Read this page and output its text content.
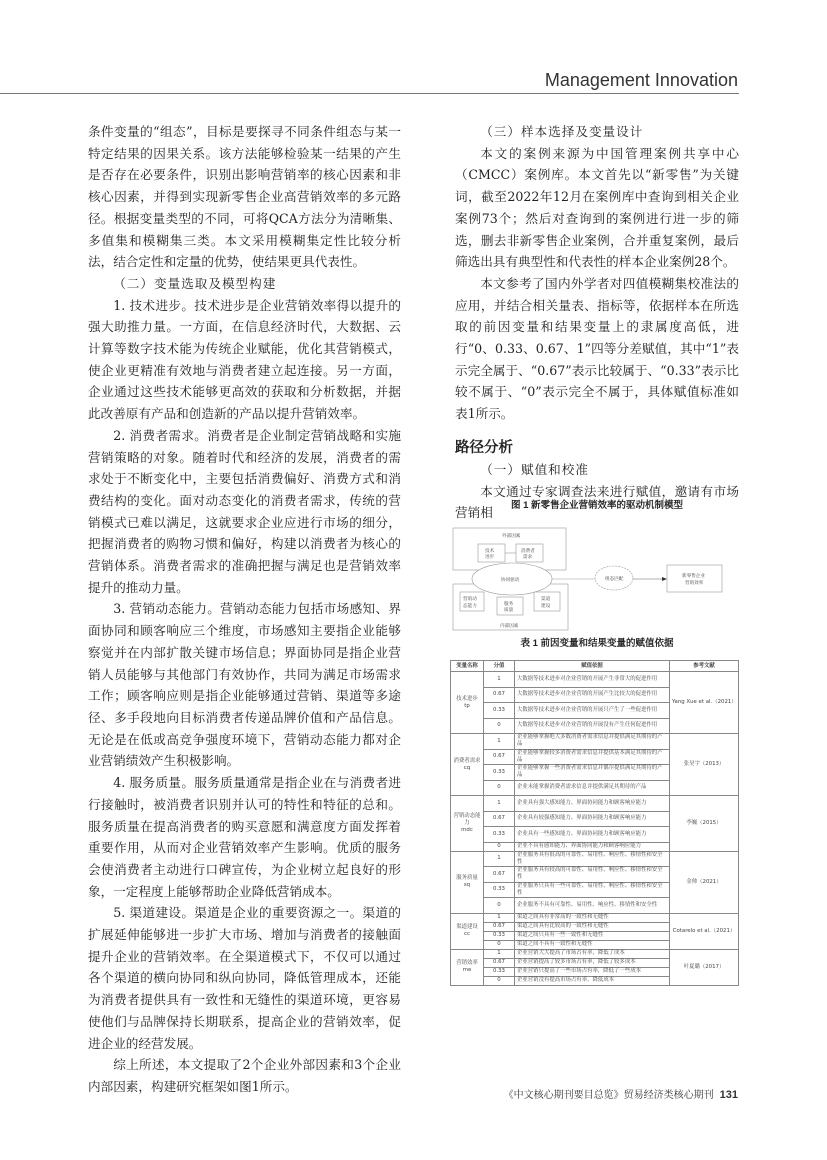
Management Innovation

条件变量的“组态”，目标是要探寻不同条件组态与某一特定结果的因果关系。该方法能够检验某一结果的产生是否存在必要条件，识别出影响营销率的核心因素和非核心因素，并得到实现新零售企业高营销效率的多元路径。根据变量类型的不同，可将QCA方法分为清晰集、多值集和模糊集三类。本文采用模糊集定性比较分析法，结合定性和定量的优势，使结果更具代表性。

（二）变量选取及模型构建

1. 技术进步。技术进步是企业营销效率得以提升的强大助推力量。一方面，在信息经济时代，大数据、云计算等数字技术能为传统企业赋能，优化其营销模式，使企业更精准有效地与消费者建立起连接。另一方面，企业通过这些技术能够更高效的获取和分析数据，并据此改善原有产品和创造新的产品以提升营销效率。

2. 消费者需求。消费者是企业制定营销战略和实施营销策略的对象。随着时代和经济的发展，消费者的需求处于不断变化中，主要包括消费偏好、消费方式和消费结构的变化。面对动态变化的消费者需求，传统的营销模式已难以满足，这就要求企业应进行市场的细分，把握消费者的购物习惯和偏好，构建以消费者为核心的营销体系。消费者需求的准确把握与满足也是营销效率提升的推动力量。

3. 营销动态能力。营销动态能力包括市场感知、界面协同和顾客响应三个维度，市场感知主要指企业能够察觉并在内部扩散关键市场信息；界面协同是指企业营销人员能够与其他部门有效协作，共同为满足市场需求工作；顾客响应则是指企业能够通过营销、渠道等多途径、多手段地向目标消费者传递品牌价值和产品信息。无论是在低或高竞争强度环境下，营销动态能力都对企业营销绩效产生积极影响。

4. 服务质量。服务质量通常是指企业在与消费者进行接触时，被消费者识别并认可的特性和特征的总和。服务质量在提高消费者的购买意愿和满意度方面发挥着重要作用，从而对企业营销效率产生影响。优质的服务会使消费者主动进行口碑宣传，为企业树立起良好的形象，一定程度上能够帮助企业降低营销成本。

5. 渠道建设。渠道是企业的重要资源之一。渠道的扩展延伸能够进一步扩大市场、增加与消费者的接触面提升企业的营销效率。在全渠道模式下，不仅可以通过各个渠道的横向协同和纵向协同，降低管理成本，还能为消费者提供具有一致性和无缝性的渠道环境，更容易使他们与品牌保持长期联系，提高企业的营销效率，促进企业的经营发展。

综上所述，本文提取了2个企业外部因素和3个企业内部因素，构建研究框架如图1所示。

（三）样本选择及变量设计

本文的案例来源为中国管理案例共享中心（CMCC）案例库。本文首先以“新零售”为关键词，截至2022年12月在案例库中查询到相关企业案例73个；然后对查询到的案例进行进一步的筛选，删去非新零售企业案例，合并重复案例，最后筛选出具有典型性和代表性的样本企业案例28个。

本文参考了国内外学者对四值模糊集校准法的应用，并结合相关量表、指标等，依据样本在所选取的前因变量和结果变量上的隶属度高低，进行“0、0.33、0.67、1”四等分差赋值，其中“1”表示完全属于、“0.67”表示比较属于、“0.33”表示比较不属于、“0”表示完全不属于，具体赋值标准如表1所示。

路径分析

（一）赋值和校准

本文通过专家调查法来进行赋值，邀请有市场营销相	图 1 新零售企业营销效率的驱动机制模型
外部因素
内部因素
技术
进步
消费者
需求
协同驱动
营销动
态能力	服务
质量
渠道
建设
组态匹配
新零售企业
营销效率
表 1 前因变量和结果变量的赋值依据
变量名称	分值	赋值依据	参考文献

技术进步
tp	1	大数据等技术进步对企业营销的开展产生非常大的促进作用	Yang Xue et al.（2021）
	0.67	大数据等技术进步对企业营销的开展产生比较大的促进作用	
	0.33	大数据等技术进步对企业营销的开展只产生了一些促进作用	
	0	大数据等技术进步对企业营销的开展没有产生任何促进作用	

消费者需求
cq	1	企业能够掌握绝大多数消费者需求信息并提供满足其期待的产品	张昊宇（2013）
	0.67	企业能够掌握较多消费者需求信息并提供基本满足其期待的产品	
	0.33	企业能够掌握一些消费者需求信息并偶尔提供满足其期待的产品	
	0	企业未能掌握消费者需求信息并提供满足其期待的产品	

营销动态能力
mdc	1	企业具有强大感知能力、界面协同能力和顾客响应能力	李巍（2015）
	0.67	企业具有较强感知能力、界面协同能力和顾客响应能力	
	0.33	企业具有一些感知能力、界面协同能力和顾客响应能力	
	0	企业不具有感知能力、界面协同能力和顾客响应能力	

服务质量
sq	1	企业服务具有很高的可靠性、易用性、响应性、移情性和安全性	金帅（2021）
	0.67	企业服务具有较高的可靠性、易用性、响应性、移情性和安全性	
	0.33	企业服务只具有一些可靠性、易用性、响应性、移情性和安全性	
	0	企业服务不具有可靠性、易用性、响应性、移情性和安全性	

渠道建设
cc	1	渠道之间具有非常高的一致性和无缝性	Cotarelo et al.（2021）
	0.67	渠道之间具有比较高的一致性和无缝性	
	0.33	渠道之间只具有一些一致性和无缝性	
	0	渠道之间不具有一致性和无缝性	

营销效率
me	1	企业营销大大提高了市场占有率，降低了成本	叶夏璐（2017）
	0.67	企业营销提高了较多市场占有率，降低了较多成本	
	0.33	企业营销只提高了一些市场占有率，降低了一些成本	
	0	企业营销没有提高市场占有率，降低成本	
《中文核心期刊要目总览》贸易经济类核心期刊 131
